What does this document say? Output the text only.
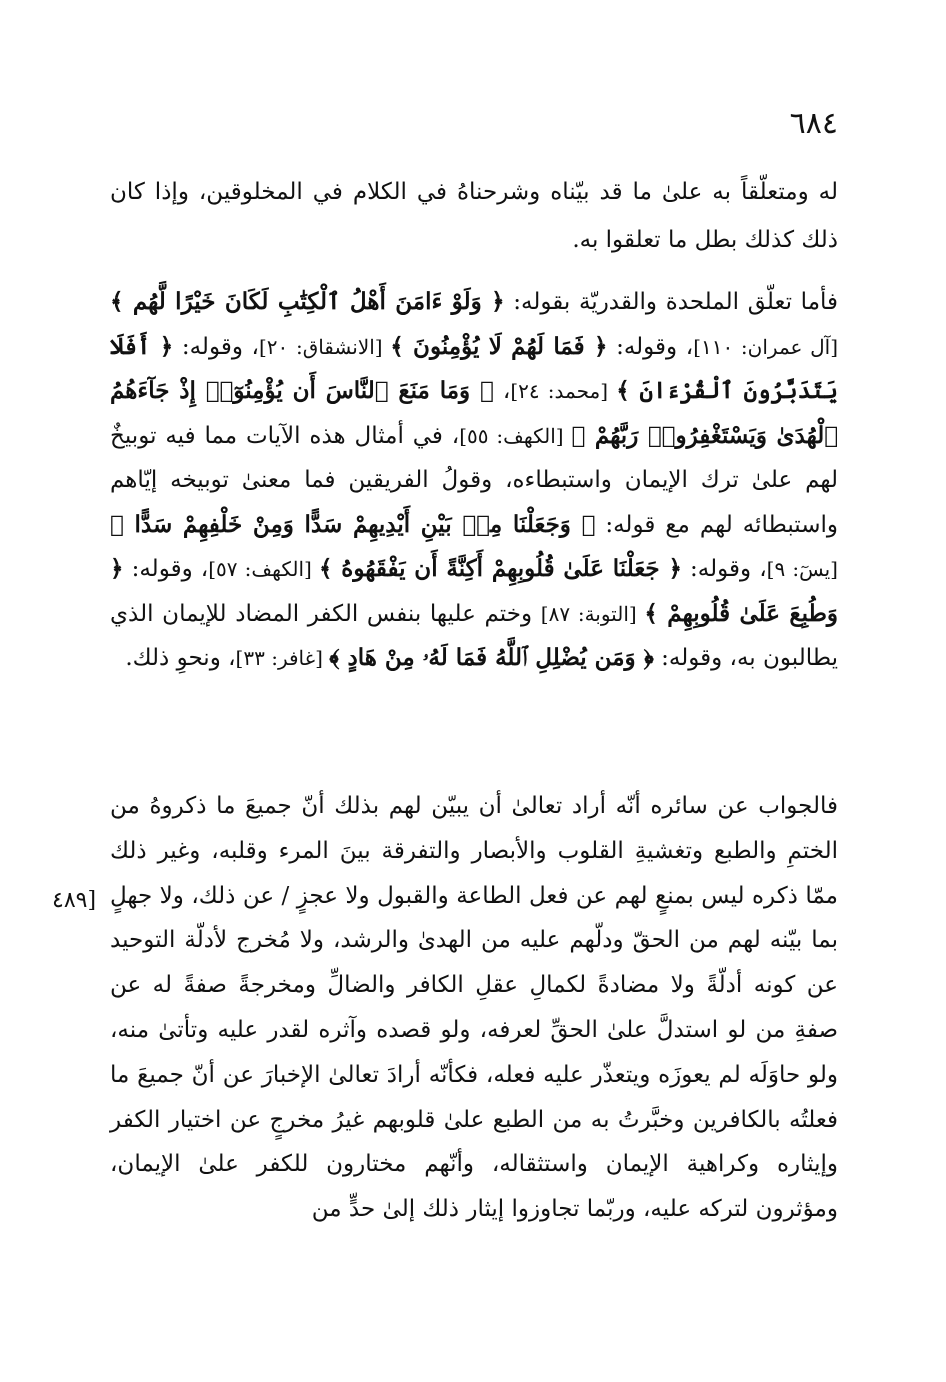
٦٨٤
[٤٨٩

له ومتعلّقاً به علىٰ ما قد بيّناه وشرحناهُ في الكلام في المخلوقين، وإذا كان ذلك كذلك بطل ما تعلقوا به.

فأما تعلّق الملحدة والقدريّة بقوله: ﴿ وَلَوْ ءَامَنَ أَهْلُ ٱلْكِتَٰبِ لَكَانَ خَيْرًا لَّهُم ﴾ [آل عمران: ١١٠]، وقوله: ﴿ فَمَا لَهُمْ لَا يُؤْمِنُونَ ﴾ [الانشقاق: ٢٠]، وقوله: ﴿ أَفَلَا يَتَدَبَّرُونَ ٱلْقُرْءَانَ ﴾ [محمد: ٢٤]، ﴿ وَمَا مَنَعَ ٱلنَّاسَ أَن يُؤْمِنُوٓا۟ إِذْ جَآءَهُمُ ٱلْهُدَىٰ وَيَسْتَغْفِرُوا۟ رَبَّهُمْ ﴾ [الكهف: ٥٥]، في أمثال هذه الآيات مما فيه توبيخٌ لهم علىٰ ترك الإيمان واستبطاءه، وقولُ الفريقين فما معنىٰ توبيخه إيّاهم واستبطائه لهم مع قوله: ﴿ وَجَعَلْنَا مِنۢ بَيْنِ أَيْدِيهِمْ سَدًّا وَمِنْ خَلْفِهِمْ سَدًّا ﴾ [يسٓ: ٩]، وقوله: ﴿ جَعَلْنَا عَلَىٰ قُلُوبِهِمْ أَكِنَّةً أَن يَفْقَهُوهُ ﴾ [الكهف: ٥٧]، وقوله: ﴿ وَطُبِعَ عَلَىٰ قُلُوبِهِمْ ﴾ [التوبة: ٨٧] وختم عليها بنفس الكفر المضاد للإيمان الذي يطالبون به، وقوله: ﴿ وَمَن يُضْلِلِ ٱللَّهُ فَمَا لَهُۥ مِنْ هَادٍ ﴾ [غافر: ٣٣]، ونحوِ ذلك.

فالجواب عن سائره أنّه أراد تعالىٰ أن يبيّن لهم بذلك أنّ جميعَ ما ذكروهُ من الختمِ والطبع وتغشيةِ القلوب والأبصار والتفرقة بينَ المرء وقلبه، وغير ذلك ممّا ذكره ليس بمنعٍ لهم عن فعل الطاعة والقبول ولا عجزٍ / عن ذلك، ولا جهلٍ بما بيّنه لهم من الحقّ ودلّهم عليه من الهدىٰ والرشد، ولا مُخرج لأدلّة التوحيد عن كونه أدلّةً ولا مضادةً لكمالِ عقلِ الكافر والضالِّ ومخرجةً صفةً له عن صفةِ من لو استدلَّ علىٰ الحقِّ لعرفه، ولو قصده وآثره لقدر عليه وتأتىٰ منه، ولو حاوَلَه لم يعوزَه ويتعذّر عليه فعله، فكأنّه أرادَ تعالىٰ الإخبارَ عن أنّ جميعَ ما فعلتُه بالكافرين وخبَّرتُ به من الطبع علىٰ قلوبهم غيرُ مخرجٍ عن اختيار الكفر وإيثاره وكراهية الإيمان واستثقاله، وأنّهم مختارون للكفر علىٰ الإيمان، ومؤثرون لتركه عليه، وربّما تجاوزوا إيثار ذلك إلىٰ حدٍّ من
